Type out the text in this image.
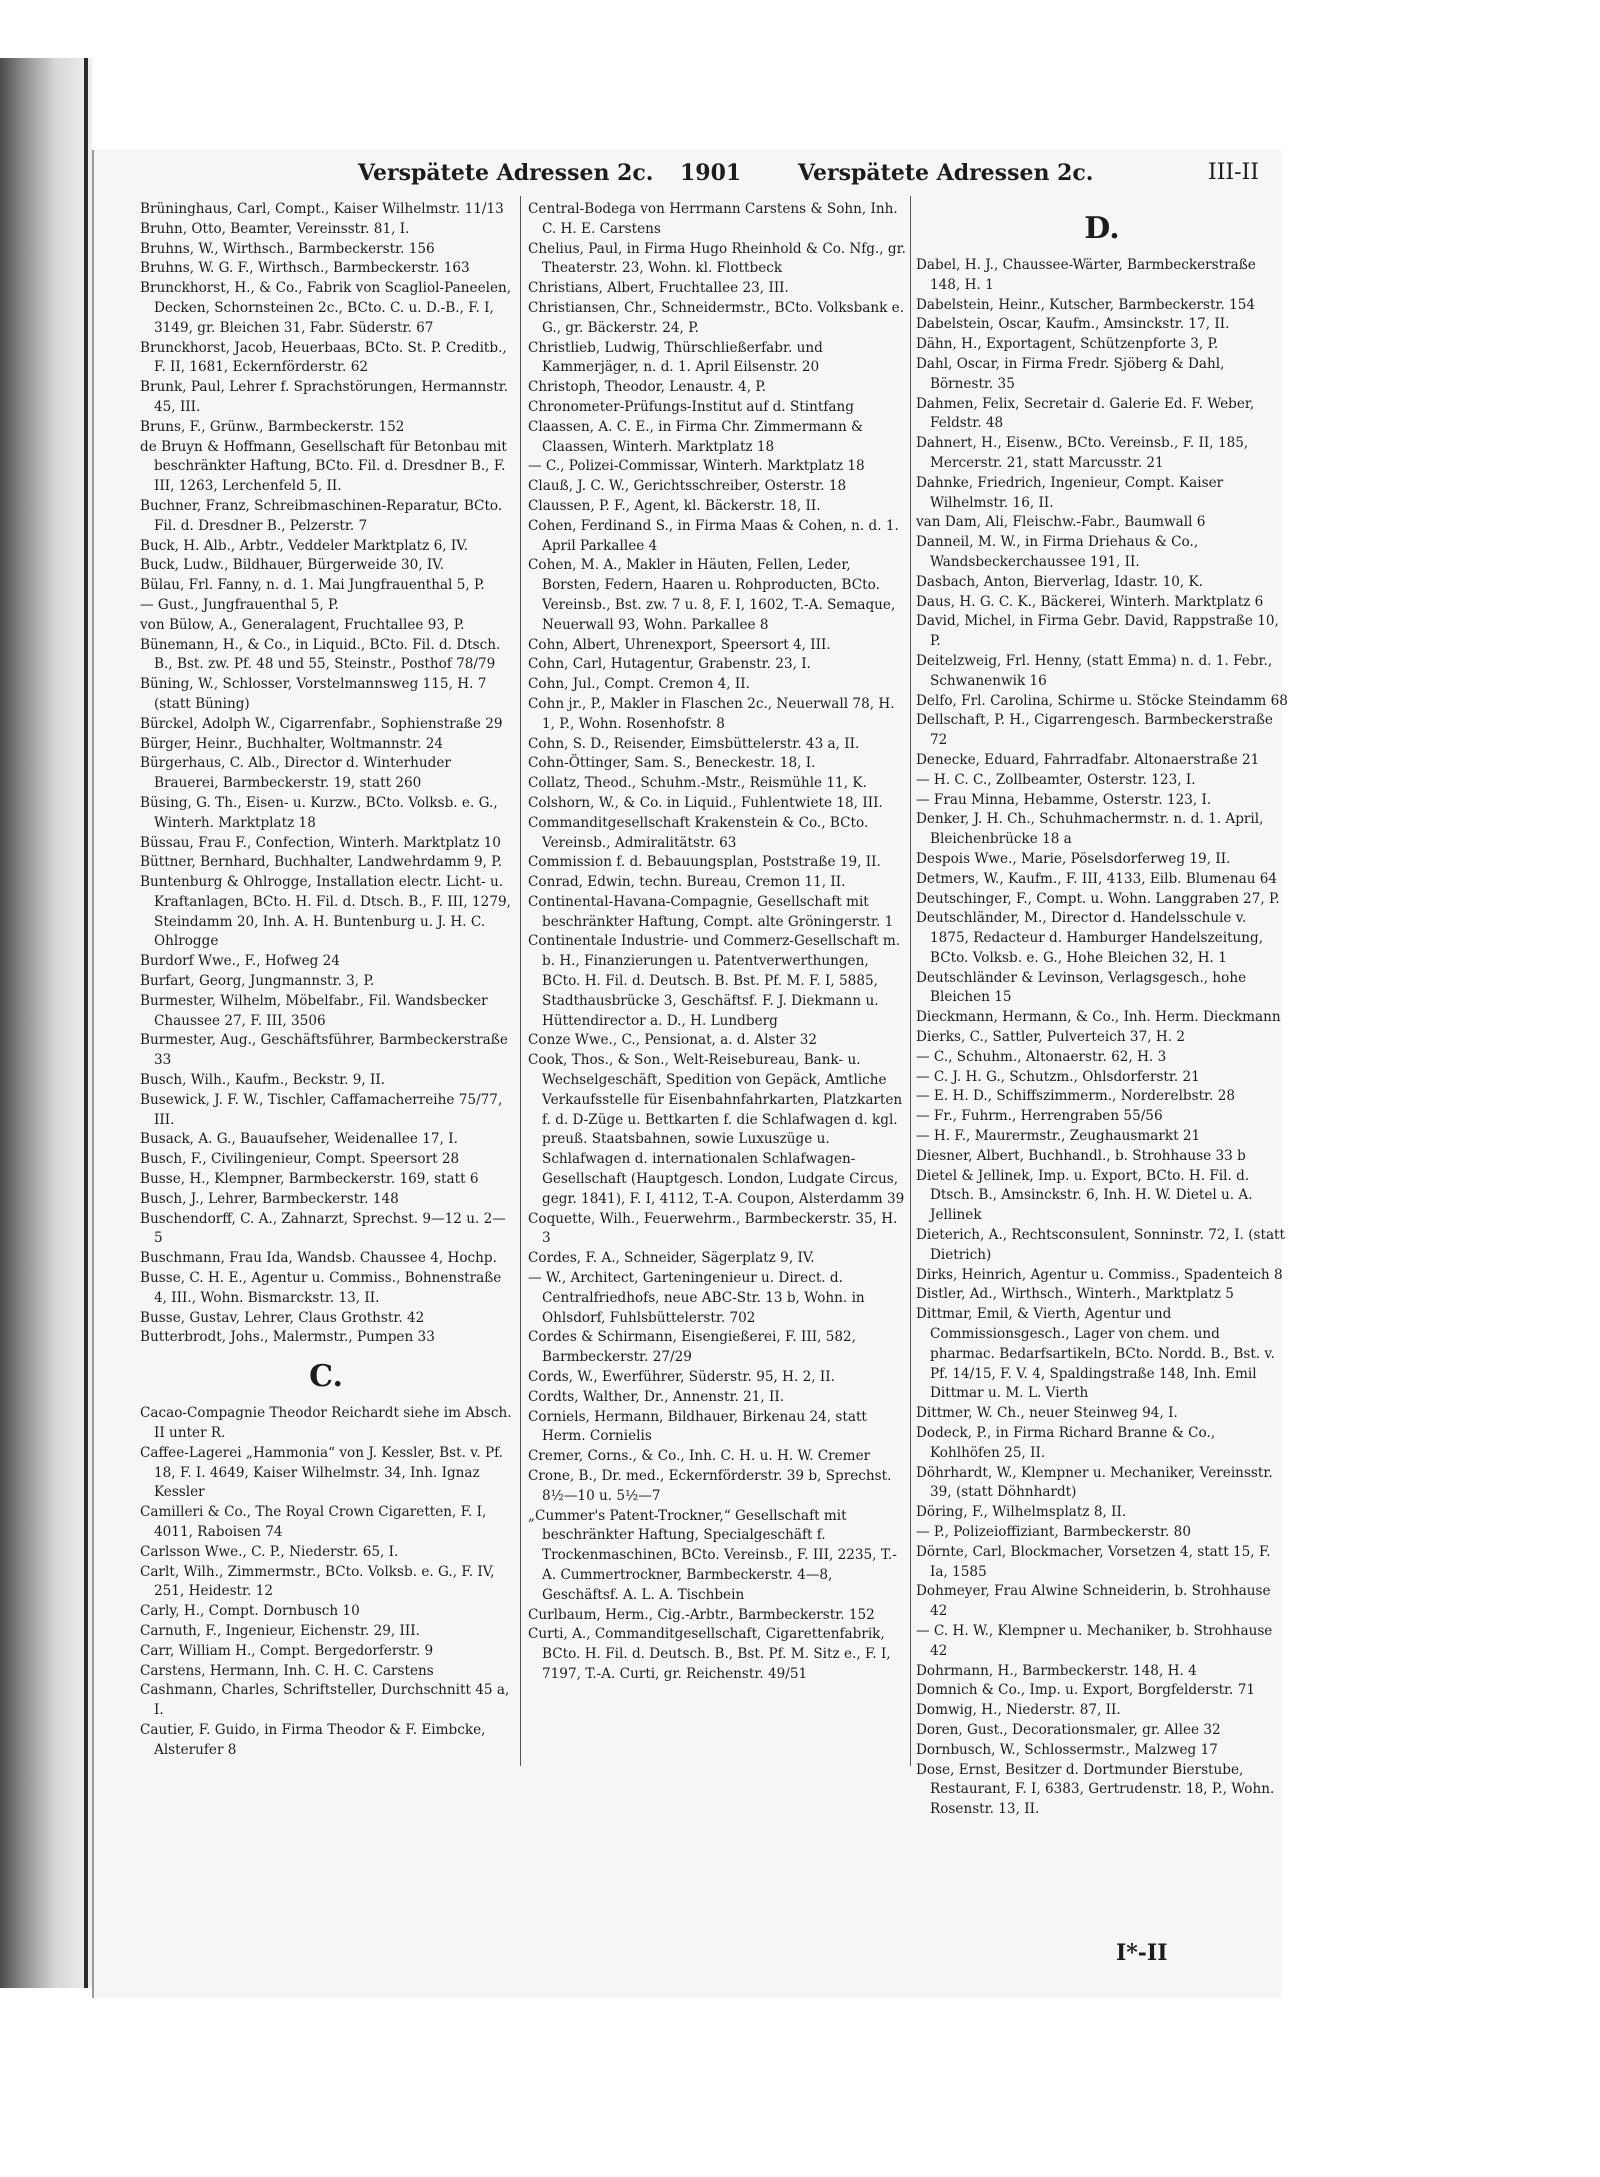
Verspätete Adressen 2c. 1901	Verspätete Adressen 2c.	III-II

Brüninghaus, Carl, Compt., Kaiser Wilhelmstr. 11/13

Bruhn, Otto, Beamter, Vereinsstr. 81, I.

Bruhns, W., Wirthsch., Barmbeckerstr. 156

Bruhns, W. G. F., Wirthsch., Barmbeckerstr. 163

Brunckhorst, H., & Co., Fabrik von Scagliol-Paneelen, Decken, Schornsteinen 2c., BCto. C. u. D.-B., F. I, 3149, gr. Bleichen 31, Fabr. Süderstr. 67

Brunckhorst, Jacob, Heuerbaas, BCto. St. P. Creditb., F. II, 1681, Eckernförderstr. 62

Brunk, Paul, Lehrer f. Sprachstörungen, Hermannstr. 45, III.

Bruns, F., Grünw., Barmbeckerstr. 152

de Bruyn & Hoffmann, Gesellschaft für Betonbau mit beschränkter Haftung, BCto. Fil. d. Dresdner B., F. III, 1263, Lerchenfeld 5, II.

Buchner, Franz, Schreibmaschinen-Reparatur, BCto. Fil. d. Dresdner B., Pelzerstr. 7

Buck, H. Alb., Arbtr., Veddeler Marktplatz 6, IV.

Buck, Ludw., Bildhauer, Bürgerweide 30, IV.

Bülau, Frl. Fanny, n. d. 1. Mai Jungfrauenthal 5, P.

— Gust., Jungfrauenthal 5, P.

von Bülow, A., Generalagent, Fruchtallee 93, P.

Bünemann, H., & Co., in Liquid., BCto. Fil. d. Dtsch. B., Bst. zw. Pf. 48 und 55, Steinstr., Posthof 78/79

Büning, W., Schlosser, Vorstelmannsweg 115, H. 7 (statt Büning)

Bürckel, Adolph W., Cigarrenfabr., Sophienstraße 29

Bürger, Heinr., Buchhalter, Woltmannstr. 24

Bürgerhaus, C. Alb., Director d. Winterhuder Brauerei, Barmbeckerstr. 19, statt 260

Büsing, G. Th., Eisen- u. Kurzw., BCto. Volksb. e. G., Winterh. Marktplatz 18

Büssau, Frau F., Confection, Winterh. Marktplatz 10

Büttner, Bernhard, Buchhalter, Landwehrdamm 9, P.

Buntenburg & Ohlrogge, Installation electr. Licht- u. Kraftanlagen, BCto. H. Fil. d. Dtsch. B., F. III, 1279, Steindamm 20, Inh. A. H. Buntenburg u. J. H. C. Ohlrogge

Burdorf Wwe., F., Hofweg 24

Burfart, Georg, Jungmannstr. 3, P.

Burmester, Wilhelm, Möbelfabr., Fil. Wandsbecker Chaussee 27, F. III, 3506

Burmester, Aug., Geschäftsführer, Barmbeckerstraße 33

Busch, Wilh., Kaufm., Beckstr. 9, II.

Busewick, J. F. W., Tischler, Caffamacherreihe 75/77, III.

Busack, A. G., Bauaufseher, Weidenallee 17, I.

Busch, F., Civilingenieur, Compt. Speersort 28

Busse, H., Klempner, Barmbeckerstr. 169, statt 6

Busch, J., Lehrer, Barmbeckerstr. 148

Buschendorff, C. A., Zahnarzt, Sprechst. 9—12 u. 2—5

Buschmann, Frau Ida, Wandsb. Chaussee 4, Hochp.

Busse, C. H. E., Agentur u. Commiss., Bohnenstraße 4, III., Wohn. Bismarckstr. 13, II.

Busse, Gustav, Lehrer, Claus Grothstr. 42

Butterbrodt, Johs., Malermstr., Pumpen 33

C.

Cacao-Compagnie Theodor Reichardt siehe im Absch. II unter R.

Caffee-Lagerei „Hammonia“ von J. Kessler, Bst. v. Pf. 18, F. I. 4649, Kaiser Wilhelmstr. 34, Inh. Ignaz Kessler

Camilleri & Co., The Royal Crown Cigaretten, F. I, 4011, Raboisen 74

Carlsson Wwe., C. P., Niederstr. 65, I.

Carlt, Wilh., Zimmermstr., BCto. Volksb. e. G., F. IV, 251, Heidestr. 12

Carly, H., Compt. Dornbusch 10

Carnuth, F., Ingenieur, Eichenstr. 29, III.

Carr, William H., Compt. Bergedorferstr. 9

Carstens, Hermann, Inh. C. H. C. Carstens

Cashmann, Charles, Schriftsteller, Durchschnitt 45 a, I.

Cautier, F. Guido, in Firma Theodor & F. Eimbcke, Alsterufer 8

Central-Bodega von Herrmann Carstens & Sohn, Inh. C. H. E. Carstens

Chelius, Paul, in Firma Hugo Rheinhold & Co. Nfg., gr. Theaterstr. 23, Wohn. kl. Flottbeck

Christians, Albert, Fruchtallee 23, III.

Christiansen, Chr., Schneidermstr., BCto. Volksbank e. G., gr. Bäckerstr. 24, P.

Christlieb, Ludwig, Thürschließerfabr. und Kammerjäger, n. d. 1. April Eilsenstr. 20

Christoph, Theodor, Lenaustr. 4, P.

Chronometer-Prüfungs-Institut auf d. Stintfang

Claassen, A. C. E., in Firma Chr. Zimmermann & Claassen, Winterh. Marktplatz 18

— C., Polizei-Commissar, Winterh. Marktplatz 18

Clauß, J. C. W., Gerichtsschreiber, Osterstr. 18

Claussen, P. F., Agent, kl. Bäckerstr. 18, II.

Cohen, Ferdinand S., in Firma Maas & Cohen, n. d. 1. April Parkallee 4

Cohen, M. A., Makler in Häuten, Fellen, Leder, Borsten, Federn, Haaren u. Rohproducten, BCto. Vereinsb., Bst. zw. 7 u. 8, F. I, 1602, T.-A. Semaque, Neuerwall 93, Wohn. Parkallee 8

Cohn, Albert, Uhrenexport, Speersort 4, III.

Cohn, Carl, Hutagentur, Grabenstr. 23, I.

Cohn, Jul., Compt. Cremon 4, II.

Cohn jr., P., Makler in Flaschen 2c., Neuerwall 78, H. 1, P., Wohn. Rosenhofstr. 8

Cohn, S. D., Reisender, Eimsbüttelerstr. 43 a, II.

Cohn-Öttinger, Sam. S., Beneckestr. 18, I.

Collatz, Theod., Schuhm.-Mstr., Reismühle 11, K.

Colshorn, W., & Co. in Liquid., Fuhlentwiete 18, III.

Commanditgesellschaft Krakenstein & Co., BCto. Vereinsb., Admiralitätstr. 63

Commission f. d. Bebauungsplan, Poststraße 19, II.

Conrad, Edwin, techn. Bureau, Cremon 11, II.

Continental-Havana-Compagnie, Gesellschaft mit beschränkter Haftung, Compt. alte Gröningerstr. 1

Continentale Industrie- und Commerz-Gesellschaft m. b. H., Finanzierungen u. Patentverwerthungen, BCto. H. Fil. d. Deutsch. B. Bst. Pf. M. F. I, 5885, Stadthausbrücke 3, Geschäftsf. F. J. Diekmann u. Hüttendirector a. D., H. Lundberg

Conze Wwe., C., Pensionat, a. d. Alster 32

Cook, Thos., & Son., Welt-Reisebureau, Bank- u. Wechselgeschäft, Spedition von Gepäck, Amtliche Verkaufsstelle für Eisenbahnfahrkarten, Platzkarten f. d. D-Züge u. Bettkarten f. die Schlafwagen d. kgl. preuß. Staatsbahnen, sowie Luxuszüge u. Schlafwagen d. internationalen Schlafwagen-Gesellschaft (Hauptgesch. London, Ludgate Circus, gegr. 1841), F. I, 4112, T.-A. Coupon, Alsterdamm 39

Coquette, Wilh., Feuerwehrm., Barmbeckerstr. 35, H. 3

Cordes, F. A., Schneider, Sägerplatz 9, IV.

— W., Architect, Garteningenieur u. Direct. d. Centralfriedhofs, neue ABC-Str. 13 b, Wohn. in Ohlsdorf, Fuhlsbüttelerstr. 702

Cordes & Schirmann, Eisengießerei, F. III, 582, Barmbeckerstr. 27/29

Cords, W., Ewerführer, Süderstr. 95, H. 2, II.

Cordts, Walther, Dr., Annenstr. 21, II.

Corniels, Hermann, Bildhauer, Birkenau 24, statt Herm. Cornielis

Cremer, Corns., & Co., Inh. C. H. u. H. W. Cremer

Crone, B., Dr. med., Eckernförderstr. 39 b, Sprechst. 8½—10 u. 5½—7

„Cummer's Patent-Trockner,“ Gesellschaft mit beschränkter Haftung, Specialgeschäft f. Trockenmaschinen, BCto. Vereinsb., F. III, 2235, T.-A. Cummertrockner, Barmbeckerstr. 4—8, Geschäftsf. A. L. A. Tischbein

Curlbaum, Herm., Cig.-Arbtr., Barmbeckerstr. 152

Curti, A., Commanditgesellschaft, Cigarettenfabrik, BCto. H. Fil. d. Deutsch. B., Bst. Pf. M. Sitz e., F. I, 7197, T.-A. Curti, gr. Reichenstr. 49/51

D.

Dabel, H. J., Chaussee-Wärter, Barmbeckerstraße 148, H. 1

Dabelstein, Heinr., Kutscher, Barmbeckerstr. 154

Dabelstein, Oscar, Kaufm., Amsinckstr. 17, II.

Dähn, H., Exportagent, Schützenpforte 3, P.

Dahl, Oscar, in Firma Fredr. Sjöberg & Dahl, Börnestr. 35

Dahmen, Felix, Secretair d. Galerie Ed. F. Weber, Feldstr. 48

Dahnert, H., Eisenw., BCto. Vereinsb., F. II, 185, Mercerstr. 21, statt Marcusstr. 21

Dahnke, Friedrich, Ingenieur, Compt. Kaiser Wilhelmstr. 16, II.

van Dam, Ali, Fleischw.-Fabr., Baumwall 6

Danneil, M. W., in Firma Driehaus & Co., Wandsbeckerchaussee 191, II.

Dasbach, Anton, Bierverlag, Idastr. 10, K.

Daus, H. G. C. K., Bäckerei, Winterh. Marktplatz 6

David, Michel, in Firma Gebr. David, Rappstraße 10, P.

Deitelzweig, Frl. Henny, (statt Emma) n. d. 1. Febr., Schwanenwik 16

Delfo, Frl. Carolina, Schirme u. Stöcke Steindamm 68

Dellschaft, P. H., Cigarrengesch. Barmbeckerstraße 72

Denecke, Eduard, Fahrradfabr. Altonaerstraße 21

— H. C. C., Zollbeamter, Osterstr. 123, I.

— Frau Minna, Hebamme, Osterstr. 123, I.

Denker, J. H. Ch., Schuhmachermstr. n. d. 1. April, Bleichenbrücke 18 a

Despois Wwe., Marie, Pöselsdorferweg 19, II.

Detmers, W., Kaufm., F. III, 4133, Eilb. Blumenau 64

Deutschinger, F., Compt. u. Wohn. Langgraben 27, P.

Deutschländer, M., Director d. Handelsschule v. 1875, Redacteur d. Hamburger Handelszeitung, BCto. Volksb. e. G., Hohe Bleichen 32, H. 1

Deutschländer & Levinson, Verlagsgesch., hohe Bleichen 15

Dieckmann, Hermann, & Co., Inh. Herm. Dieckmann

Dierks, C., Sattler, Pulverteich 37, H. 2

— C., Schuhm., Altonaerstr. 62, H. 3

— C. J. H. G., Schutzm., Ohlsdorferstr. 21

— E. H. D., Schiffszimmerm., Norderelbstr. 28

— Fr., Fuhrm., Herrengraben 55/56

— H. F., Maurermstr., Zeughausmarkt 21

Diesner, Albert, Buchhandl., b. Strohhause 33 b

Dietel & Jellinek, Imp. u. Export, BCto. H. Fil. d. Dtsch. B., Amsinckstr. 6, Inh. H. W. Dietel u. A. Jellinek

Dieterich, A., Rechtsconsulent, Sonninstr. 72, I. (statt Dietrich)

Dirks, Heinrich, Agentur u. Commiss., Spadenteich 8

Distler, Ad., Wirthsch., Winterh., Marktplatz 5

Dittmar, Emil, & Vierth, Agentur und Commissionsgesch., Lager von chem. und pharmac. Bedarfsartikeln, BCto. Nordd. B., Bst. v. Pf. 14/15, F. V. 4, Spaldingstraße 148, Inh. Emil Dittmar u. M. L. Vierth

Dittmer, W. Ch., neuer Steinweg 94, I.

Dodeck, P., in Firma Richard Branne & Co., Kohlhöfen 25, II.

Döhrhardt, W., Klempner u. Mechaniker, Vereinsstr. 39, (statt Döhnhardt)

Döring, F., Wilhelmsplatz 8, II.

— P., Polizeioffiziant, Barmbeckerstr. 80

Dörnte, Carl, Blockmacher, Vorsetzen 4, statt 15, F. Ia, 1585

Dohmeyer, Frau Alwine Schneiderin, b. Strohhause 42

— C. H. W., Klempner u. Mechaniker, b. Strohhause 42

Dohrmann, H., Barmbeckerstr. 148, H. 4

Domnich & Co., Imp. u. Export, Borgfelderstr. 71

Domwig, H., Niederstr. 87, II.

Doren, Gust., Decorationsmaler, gr. Allee 32

Dornbusch, W., Schlossermstr., Malzweg 17

Dose, Ernst, Besitzer d. Dortmunder Bierstube, Restaurant, F. I, 6383, Gertrudenstr. 18, P., Wohn. Rosenstr. 13, II.

I*-II
